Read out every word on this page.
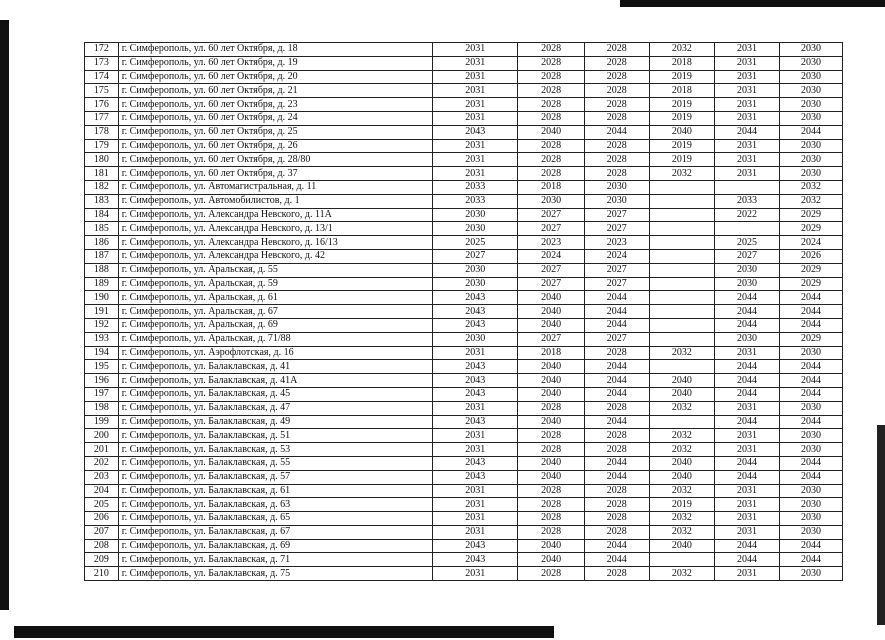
172	г. Симферополь, ул. 60 лет Октября, д. 18	2031	2028	2028	2032	2031	2030
173	г. Симферополь, ул. 60 лет Октября, д. 19	2031	2028	2028	2018	2031	2030
174	г. Симферополь, ул. 60 лет Октября, д. 20	2031	2028	2028	2019	2031	2030
175	г. Симферополь, ул. 60 лет Октября, д. 21	2031	2028	2028	2018	2031	2030
176	г. Симферополь, ул. 60 лет Октября, д. 23	2031	2028	2028	2019	2031	2030
177	г. Симферополь, ул. 60 лет Октября, д. 24	2031	2028	2028	2019	2031	2030
178	г. Симферополь, ул. 60 лет Октября, д. 25	2043	2040	2044	2040	2044	2044
179	г. Симферополь, ул. 60 лет Октября, д. 26	2031	2028	2028	2019	2031	2030
180	г. Симферополь, ул. 60 лет Октября, д. 28/80	2031	2028	2028	2019	2031	2030
181	г. Симферополь, ул. 60 лет Октября, д. 37	2031	2028	2028	2032	2031	2030
182	г. Симферополь, ул. Автомагистральная, д. 11	2033	2018	2030			2032
183	г. Симферополь, ул. Автомобилистов, д. 1	2033	2030	2030		2033	2032
184	г. Симферополь, ул. Александра Невского, д. 11А	2030	2027	2027		2022	2029
185	г. Симферополь, ул. Александра Невского, д. 13/1	2030	2027	2027			2029
186	г. Симферополь, ул. Александра Невского, д. 16/13	2025	2023	2023		2025	2024
187	г. Симферополь, ул. Александра Невского, д. 42	2027	2024	2024		2027	2026
188	г. Симферополь, ул. Аральская, д. 55	2030	2027	2027		2030	2029
189	г. Симферополь, ул. Аральская, д. 59	2030	2027	2027		2030	2029
190	г. Симферополь, ул. Аральская, д. 61	2043	2040	2044		2044	2044
191	г. Симферополь, ул. Аральская, д. 67	2043	2040	2044		2044	2044
192	г. Симферополь, ул. Аральская, д. 69	2043	2040	2044		2044	2044
193	г. Симферополь, ул. Аральская, д. 71/88	2030	2027	2027		2030	2029
194	г. Симферополь, ул. Аэрофлотская, д. 16	2031	2018	2028	2032	2031	2030
195	г. Симферополь, ул. Балаклавская, д. 41	2043	2040	2044		2044	2044
196	г. Симферополь, ул. Балаклавская, д. 41А	2043	2040	2044	2040	2044	2044
197	г. Симферополь, ул. Балаклавская, д. 45	2043	2040	2044	2040	2044	2044
198	г. Симферополь, ул. Балаклавская, д. 47	2031	2028	2028	2032	2031	2030
199	г. Симферополь, ул. Балаклавская, д. 49	2043	2040	2044		2044	2044
200	г. Симферополь, ул. Балаклавская, д. 51	2031	2028	2028	2032	2031	2030
201	г. Симферополь, ул. Балаклавская, д. 53	2031	2028	2028	2032	2031	2030
202	г. Симферополь, ул. Балаклавская, д. 55	2043	2040	2044	2040	2044	2044
203	г. Симферополь, ул. Балаклавская, д. 57	2043	2040	2044	2040	2044	2044
204	г. Симферополь, ул. Балаклавская, д. 61	2031	2028	2028	2032	2031	2030
205	г. Симферополь, ул. Балаклавская, д. 63	2031	2028	2028	2019	2031	2030
206	г. Симферополь, ул. Балаклавская, д. 65	2031	2028	2028	2032	2031	2030
207	г. Симферополь, ул. Балаклавская, д. 67	2031	2028	2028	2032	2031	2030
208	г. Симферополь, ул. Балаклавская, д. 69	2043	2040	2044	2040	2044	2044
209	г. Симферополь, ул. Балаклавская, д. 71	2043	2040	2044		2044	2044
210	г. Симферополь, ул. Балаклавская, д. 75	2031	2028	2028	2032	2031	2030
